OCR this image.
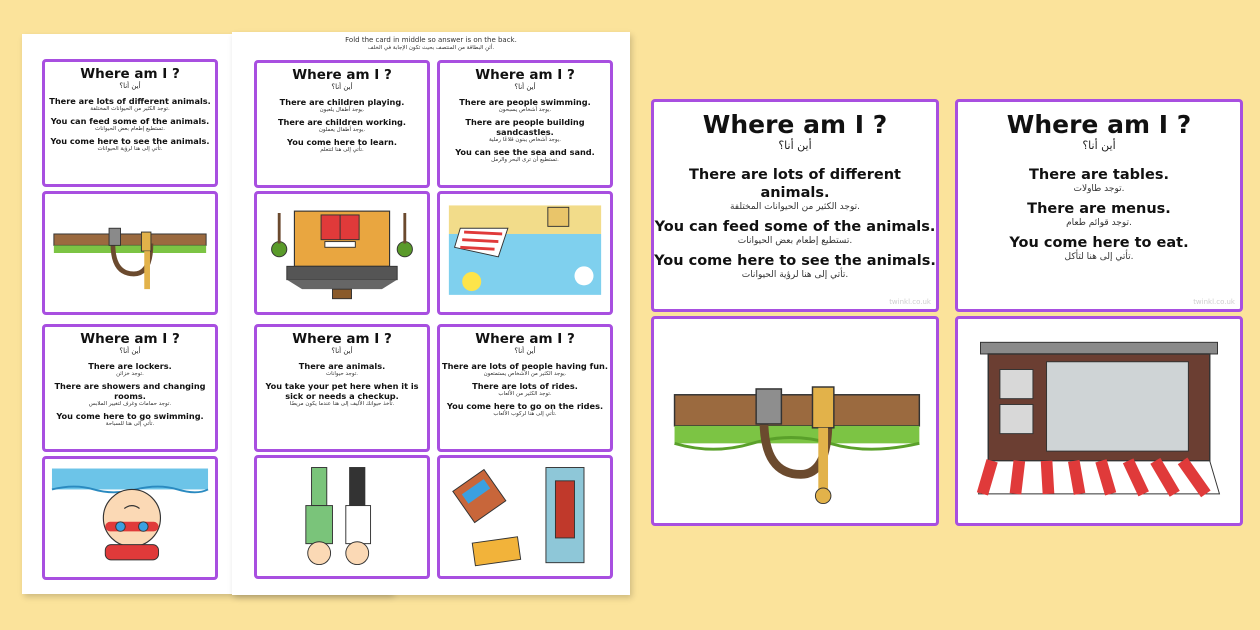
Where am I ?
أين أنا؟
There are lots of different animals.
توجد الكثير من الحيوانات المختلفة.
You can feed some of the animals.
تستطيع إطعام بعض الحيوانات.
You come here to see the animals.
تأتي إلى هنا لرؤية الحيوانات.
Where am I ?
أين أنا؟
There are lockers.
توجد خزائن.
There are showers and changing rooms.
توجد حمامات وغرف لتغيير الملابس.
You come here to go swimming.
تأتي إلى هنا للسباحة.
Fold the card in middle so answer is on the back.
أثنِ البطاقة من المنتصف بحيث تكون الإجابة في الخلف.
Where am I ?
أين أنا؟
There are children playing.
يوجد أطفال يلعبون.
There are children working.
يوجد أطفال يعملون.
You come here to learn.
تأتي إلى هنا لتتعلم.
Where am I ?
أين أنا؟
There are people swimming.
يوجد أشخاص يسبحون.
There are people building sandcastles.
يوجد أشخاص يبنون قلاعًا رملية.
You can see the sea and sand.
تستطيع أن ترى البحر والرمل.
Where am I ?
أين أنا؟
There are animals.
توجد حيوانات.
You take your pet here when it is sick or needs a checkup.
تأخذ حيوانك الأليف إلى هنا عندما يكون مريضًا.
Where am I ?
أين أنا؟
There are lots of people having fun.
يوجد الكثير من الأشخاص يستمتعون.
There are lots of rides.
توجد الكثير من الألعاب.
You come here to go on the rides.
تأتي إلى هنا لركوب الألعاب.
Where am I ?
أين أنا؟
There are lots of different animals.
توجد الكثير من الحيوانات المختلفة.
You can feed some of the animals.
تستطيع إطعام بعض الحيوانات.
You come here to see the animals.
تأتي إلى هنا لرؤية الحيوانات.
twinkl.co.uk
Where am I ?
أين أنا؟
There are tables.
توجد طاولات.
There are menus.
توجد قوائم طعام.
You come here to eat.
تأتي إلى هنا لتأكل.
twinkl.co.uk
